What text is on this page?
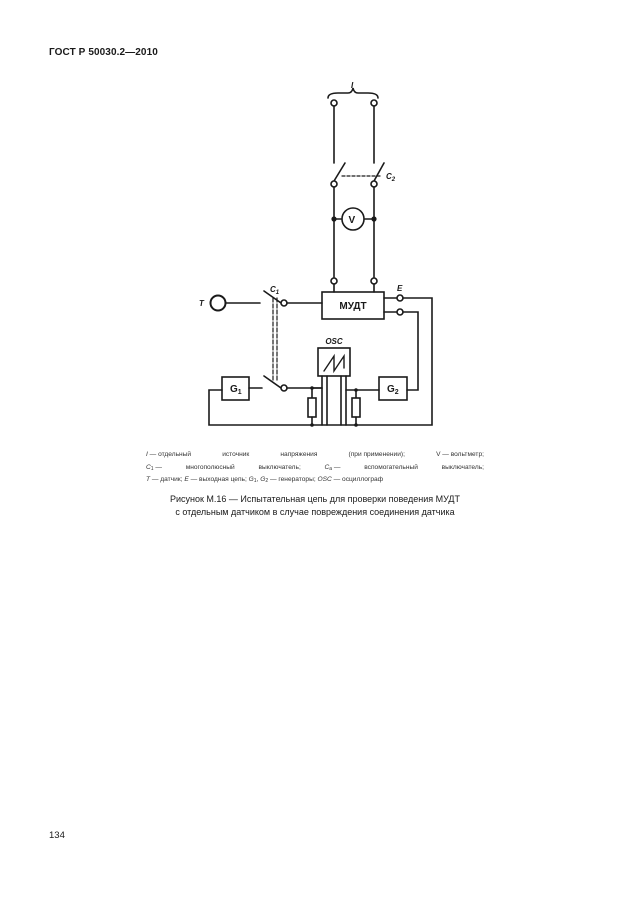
ГОСТ Р 50030.2—2010
I
$C_2$
V
МУДТ
E
T
$C_1$
OSC
$G_1$	$G_2$
I — отдельный	источник	напряжения	(при применении);	V — вольтметр;
$C_1$ —	многополюсный	выключатель;	$C_a$ —	вспомогательный	выключатель;
T — датчик; E — выходная цепь; $G_1$, $G_2$ — генераторы; OSC — осциллограф
Рисунок М.16 — Испытательная цепь для проверки поведения МУДТ
с отдельным датчиком в случае повреждения соединения датчика
134
